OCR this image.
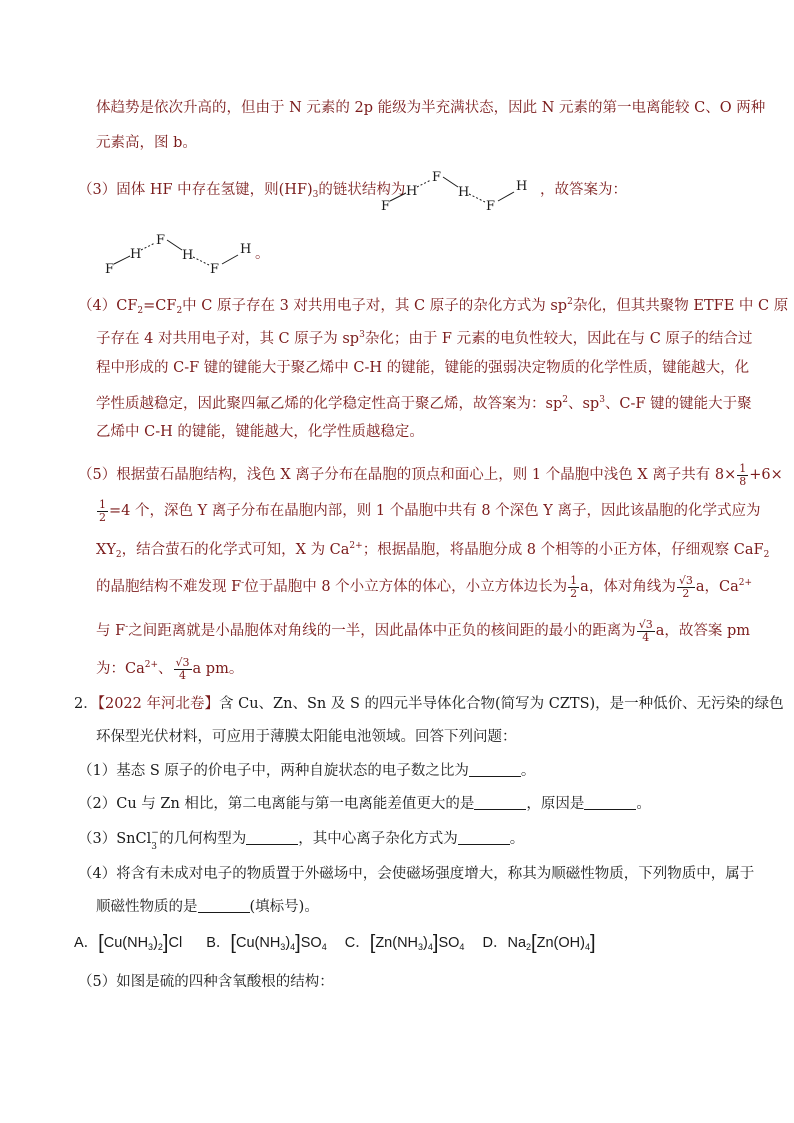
体趋势是依次升高的，但由于 N 元素的 2p 能级为半充满状态，因此 N 元素的第一电离能较 C、O 两种
元素高，图 b。
（3）固体 HF 中存在氢键，则$(HF)_3$的链状结构为
F
H
F
H
F
H ，故答案为：
F
H
F
H
F
H 。
$(4)CF_2=CF_2$中 C 原子存在 3 对共用电子对，其 C 原子的杂化方式为 $sp^2$杂化，但其共聚物 ETFE 中 C 原
子存在 4 对共用电子对，其 C 原子为 $sp^3$杂化；由于 F 元素的电负性较大，因此在与 C 原子的结合过
程中形成的 C-F 键的键能大于聚乙烯中 C-H 的键能，键能的强弱决定物质的化学性质，键能越大，化
学性质越稳定，因此聚四氟乙烯的化学稳定性高于聚乙烯，故答案为：$sp^2$、$sp^3$、C-F 键的键能大于聚
乙烯中 C-H 的键能，键能越大，化学性质越稳定。
（5）根据萤石晶胞结构，浅色 X 离子分布在晶胞的顶点和面心上，则 1 个晶胞中浅色 X 离子共有 $8\times \frac{1}{8} +6\times$
$\frac{1}{2} =4$ 个，深色 Y 离子分布在晶胞内部，则 1 个晶胞中共有 8 个深色 Y 离子，因此该晶胞的化学式应为
$XY_2$，结合萤石的化学式可知，X 为 $Ca^{2+}$；根据晶胞，将晶胞分成 8 个相等的小正方体，仔细观察 CaF$_2$
的晶胞结构不难发现 F-位于晶胞中 8 个小立方体的体心，小立方体边长为 $\frac{1}{2}$ a，体对角线为 $\frac{√3}{2}$ a，$Ca^{2+}$
与 F-之间距离就是小晶胞体对角线的一半，因此晶体中正负的核间距的最小的距离为 $\frac{√3}{4}$ a，故答案 pm
为：$Ca^{2+}$、 $\frac{√3}{4}$ a pm。
2．【2022 年河北卷】含 Cu、Zn、Sn 及 S 的四元半导体化合物(简写为 CZTS)，是一种低价、无污染的绿色
环保型光伏材料，可应用于薄膜太阳能电池领域。回答下列问题：
（1）基态 S 原子的价电子中，两种自旋状态的电子数之比为	。
（2）Cu 与 Zn 相比，第二电离能与第一电离能差值更大的是	，原因是	。
（3）SnCl −
3 的几何构型为	，其中心离子杂化方式为	。
（4）将含有未成对电子的物质置于外磁场中，会使磁场强度增大，称其为顺磁性物质，下列物质中，属于
顺磁性物质的是	(填标号)。
A．$[Cu(NH_3)_2]Cl$ B．$[Cu(NH_3)_4]SO_4$ C．$[Zn(NH_3)_4]SO_4$ D．$Na_2[Zn(OH)_4]$
（5）如图是硫的四种含氧酸根的结构：
